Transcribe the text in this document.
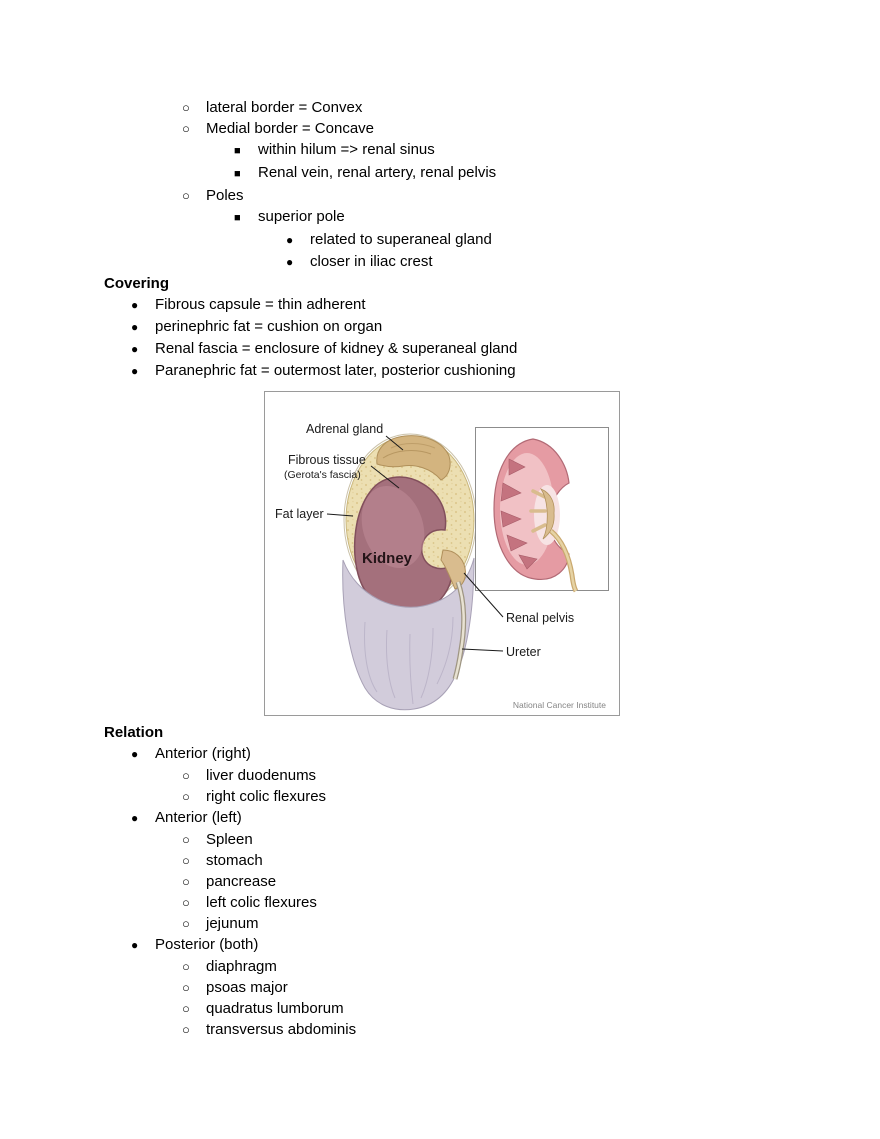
○
lateral border = Convex
○
Medial border = Concave
■
within hilum => renal sinus
■
Renal vein, renal artery, renal pelvis
○
Poles
■
superior pole
●
related to superaneal gland
●
closer in iliac crest
Covering
●
Fibrous capsule = thin adherent
●
perinephric fat = cushion on organ
●
Renal fascia = enclosure of kidney & superaneal gland
●
Paranephric fat = outermost later, posterior cushioning
Adrenal gland
Fibrous tissue
(Gerota's fascia)
Fat layer
Kidney
Renal pelvis
Ureter
National Cancer Institute
Relation
●
Anterior (right)
○
liver duodenums
○
right colic flexures
●
Anterior (left)
○
Spleen
○
stomach
○
pancrease
○
left colic flexures
○
jejunum
●
Posterior (both)
○
diaphragm
○
psoas major
○
quadratus lumborum
○
transversus abdominis
